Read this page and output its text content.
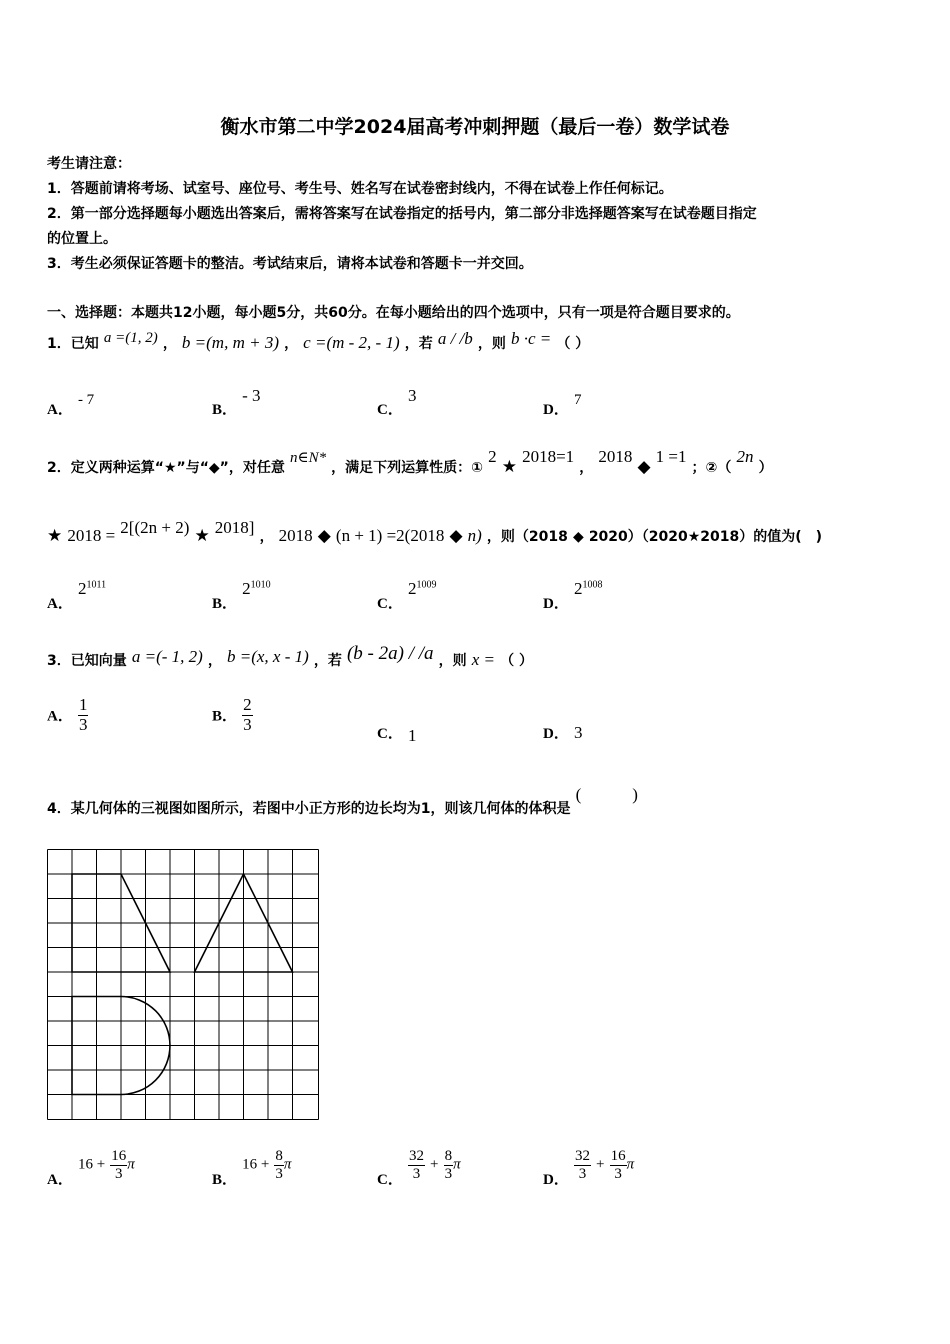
衡水市第二中学2024届高考冲刺押题（最后一卷）数学试卷
考生请注意：
1．答题前请将考场、试室号、座位号、考生号、姓名写在试卷密封线内，不得在试卷上作任何标记。
2．第一部分选择题每小题选出答案后，需将答案写在试卷指定的括号内，第二部分非选择题答案写在试卷题目指定
的位置上。
3．考生必须保证答题卡的整洁。考试结束后，请将本试卷和答题卡一并交回。
一、选择题：本题共12小题，每小题5分，共60分。在每小题给出的四个选项中，只有一项是符合题目要求的。
1．已知 a =(1, 2) ， b =(m, m + 3) ， c =(m - 2, - 1) ，若 a / /b ，则 b ·c = （ ）
A． - 7
B． - 3
C． 3
D． 7
2．定义两种运算“★”与“◆”，对任意 n∈N* ，满足下列运算性质：① 2 ★ 2018=1 ， 2018 ◆ 1 =1 ；②（ 2n ）
★ 2018 = 2[(2n + 2) ★ 2018] ， 2018 ◆ (n + 1) =2(2018 ◆ n) ，则（2018 ◆ 2020）（2020★2018）的值为(　)
A． $2^{1011}$
B． $2^{1010}$
C． $2^{1009}$
D． $2^{1008}$
3．已知向量 a =(- 1, 2) ， b =(x, x - 1) ，若 (b - 2a) / /a ，则 x = （ ）
A． $\frac{1}{3}$	B． $\frac{2}{3}$	C． 1	D． 3
4．某几何体的三视图如图所示，若图中小正方形的边长均为1，则该几何体的体积是 (　　　)
A． $16 + \frac{16}{3}$ π
B． $16 + \frac{8}{3}$ π
C． $\frac{32}{3} + \frac{8}{3}$ π
D． $\frac{32}{3} + \frac{16}{3}$ π
